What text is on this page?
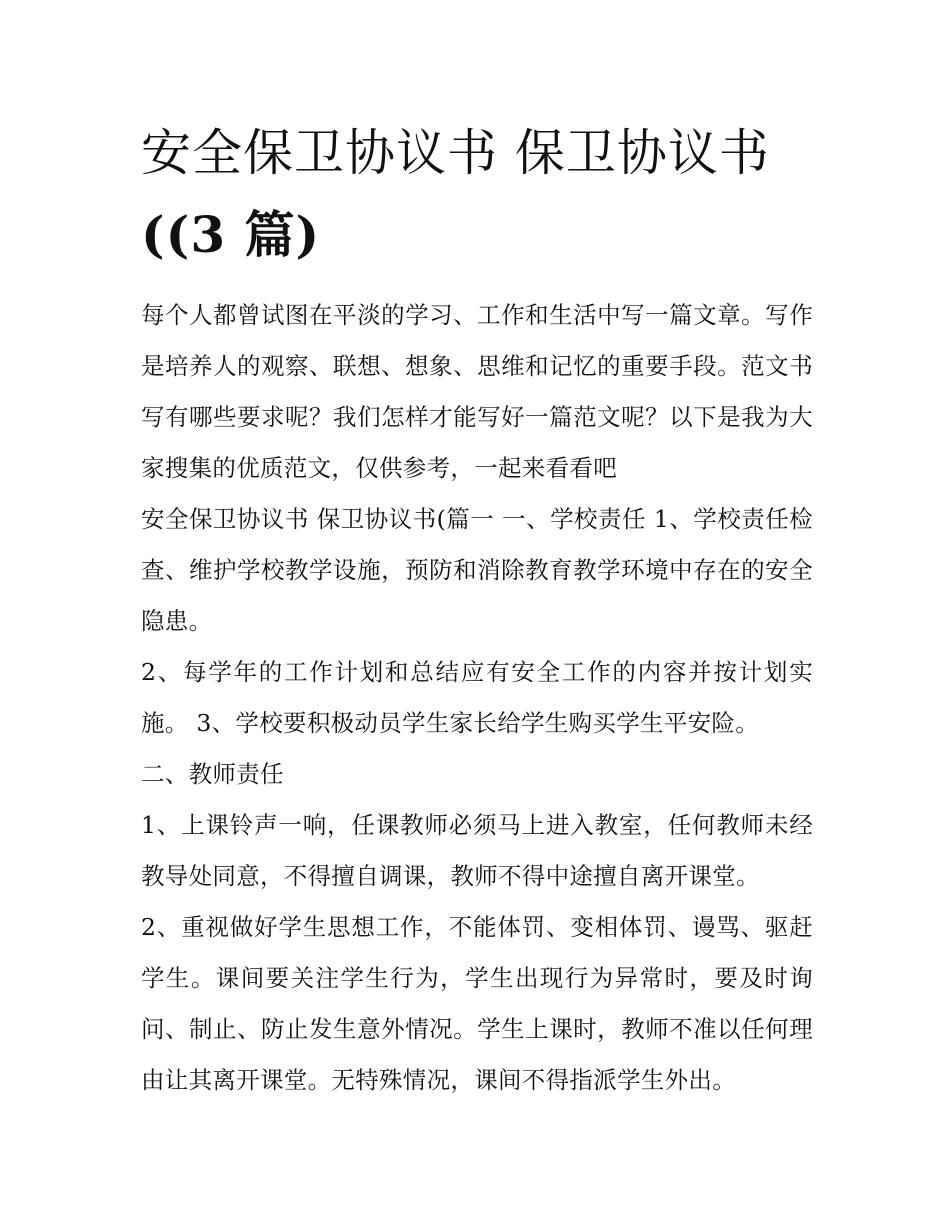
安全保卫协议书 保卫协议书
((3 篇)

每个人都曾试图在平淡的学习、工作和生活中写一篇文章。写作是培养人的观察、联想、想象、思维和记忆的重要手段。范文书写有哪些要求呢？我们怎样才能写好一篇范文呢？以下是我为大家搜集的优质范文，仅供参考，一起来看看吧

安全保卫协议书 保卫协议书(篇一 一、学校责任 1、学校责任检查、维护学校教学设施，预防和消除教育教学环境中存在的安全隐患。

2、每学年的工作计划和总结应有安全工作的内容并按计划实施。 3、学校要积极动员学生家长给学生购买学生平安险。

二、教师责任

1、上课铃声一响，任课教师必须马上进入教室，任何教师未经教导处同意，不得擅自调课，教师不得中途擅自离开课堂。

2、重视做好学生思想工作，不能体罚、变相体罚、谩骂、驱赶学生。课间要关注学生行为，学生出现行为异常时，要及时询问、制止、防止发生意外情况。学生上课时，教师不准以任何理由让其离开课堂。无特殊情况，课间不得指派学生外出。
